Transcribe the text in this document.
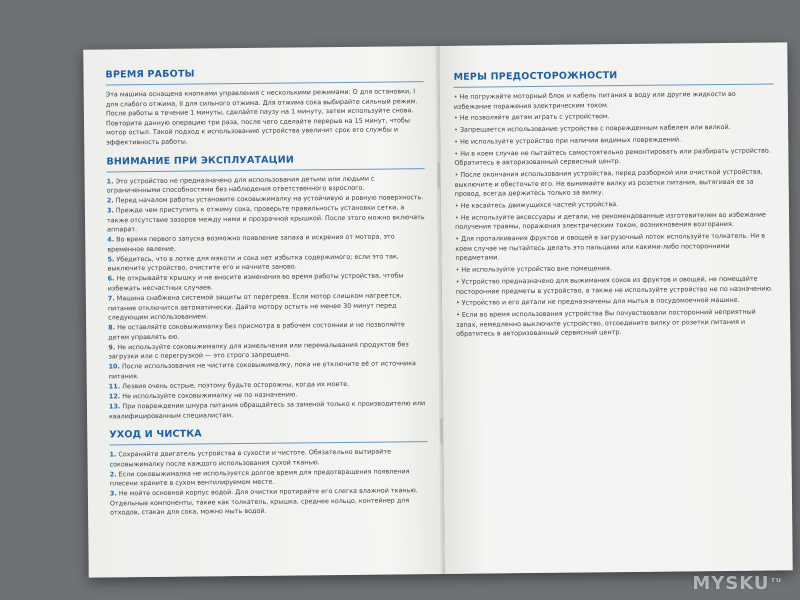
ВРЕМЯ РАБОТЫ

Эта машина оснащена кнопками управления с несколькими режимами: O для остановки, I для слабого отжима, II для сильного отжима. Для отжима сока выбирайте сильный режим. После работы в течение 1 минуты, сделайте паузу на 1 минуту, затем используйте снова. Повторите данную операцию три раза, после чего сделайте перерыв на 15 минут, чтобы мотор остыл. Такой подход к использованию устройства увеличит срок его службы и эффективность работы.

ВНИМАНИЕ ПРИ ЭКСПЛУАТАЦИИ

1. Это устройство не предназначено для использования детьми или людьми с ограниченными способностями без наблюдения ответственного взрослого.

2. Перед началом работы установите соковыжималку на устойчивую и ровную поверхность.

3. Прежде чем приступить к отжиму сока, проверьте правильность установки сетки, а также отсутствие зазоров между ними и прозрачной крышкой. После этого можно включать аппарат.

4. Во время первого запуска возможно появление запаха и искрения от мотора, это временное явление.

5. Убедитесь, что в лотке для мякоти и сока нет избытка содержимого; если это так, выключите устройство, очистите его и начните заново.

6. Не открывайте крышку и не вносите изменения во время работы устройства, чтобы избежать несчастных случаев.

7. Машина снабжена системой защиты от перегрева. Если мотор слишком нагреется, питание отключится автоматически. Дайте мотору остыть не менее 30 минут перед следующим использованием.

8. Не оставляйте соковыжималку без присмотра в рабочем состоянии и не позволяйте детям управлять ею.

9. Не используйте соковыжималку для измельчения или перемалывания продуктов без загрузки или с перегрузкой — это строго запрещено.

10. После использования не чистите соковыжималку, пока не отключите её от источника питания.

11. Лезвия очень острые, поэтому будьте осторожны, когда их моете.

12. Не используйте соковыжималку не по назначению.

13. При повреждении шнура питания обращайтесь за заменой только к производителю или квалифицированным специалистам.

УХОД И ЧИСТКА

1. Сохраняйте двигатель устройства в сухости и чистоте. Обязательно вытирайте соковыжималку после каждого использования сухой тканью.

2. Если соковыжималка не используется долгое время для предотвращения появления плесени храните в сухом вентилируемом месте.

3. Не мойте основной корпус водой. Для очистки протирайте его слегка влажной тканью. Отдельные компоненты, такие как толкатель, крышка, среднее кольцо, контейнер для отходов, стакан для сока, можно мыть водой.

МЕРЫ ПРЕДОСТОРОЖНОСТИ

• Не погружайте моторный блок и кабель питания в воду или другие жидкости во избежание поражения электрическим током.

• Не позволяйте детям играть с устройством.

• Запрещается использование устройства с поврежденным кабелем или вилкой.

• Не используйте устройство при наличии видимых повреждений.

• Ни в коем случае не пытайтесь самостоятельно ремонтировать или разбирать устройство. Обратитесь в авторизованный сервисный центр.

• После окончания использования устройства, перед разборкой или очисткой устройства, выключите и обесточьте его. Не вынимайте вилку из розетки питания, вытягивая ее за провод, всегда держитесь только за вилку.

• Не касайтесь движущихся частей устройства.

• Не используйте аксессуары и детали, не рекомендованные изготовителем во избежание получения травмы, поражения электрическим током, возникновения возгорания.

• Для проталкивания фруктов и овощей в загрузочный лоток используйте толкатель. Ни в коем случае не пытайтесь делать это пальцами или какими-либо посторонними предметами.

• Не используйте устройство вне помещения.

• Устройство предназначено для выжимания соков из фруктов и овощей, не помещайте посторонние предметы в устройство, а также не используйте устройство не по назначению.

• Устройство и его детали не предназначены для мытья в посудомоечной машине.

• Если во время использования устройства Вы почувствовали посторонний неприятный запах, немедленно выключите устройство, отсоедините вилку от розетки питания и обратитесь в авторизованный сервисный центр.

MYSKU $^{ru}$
